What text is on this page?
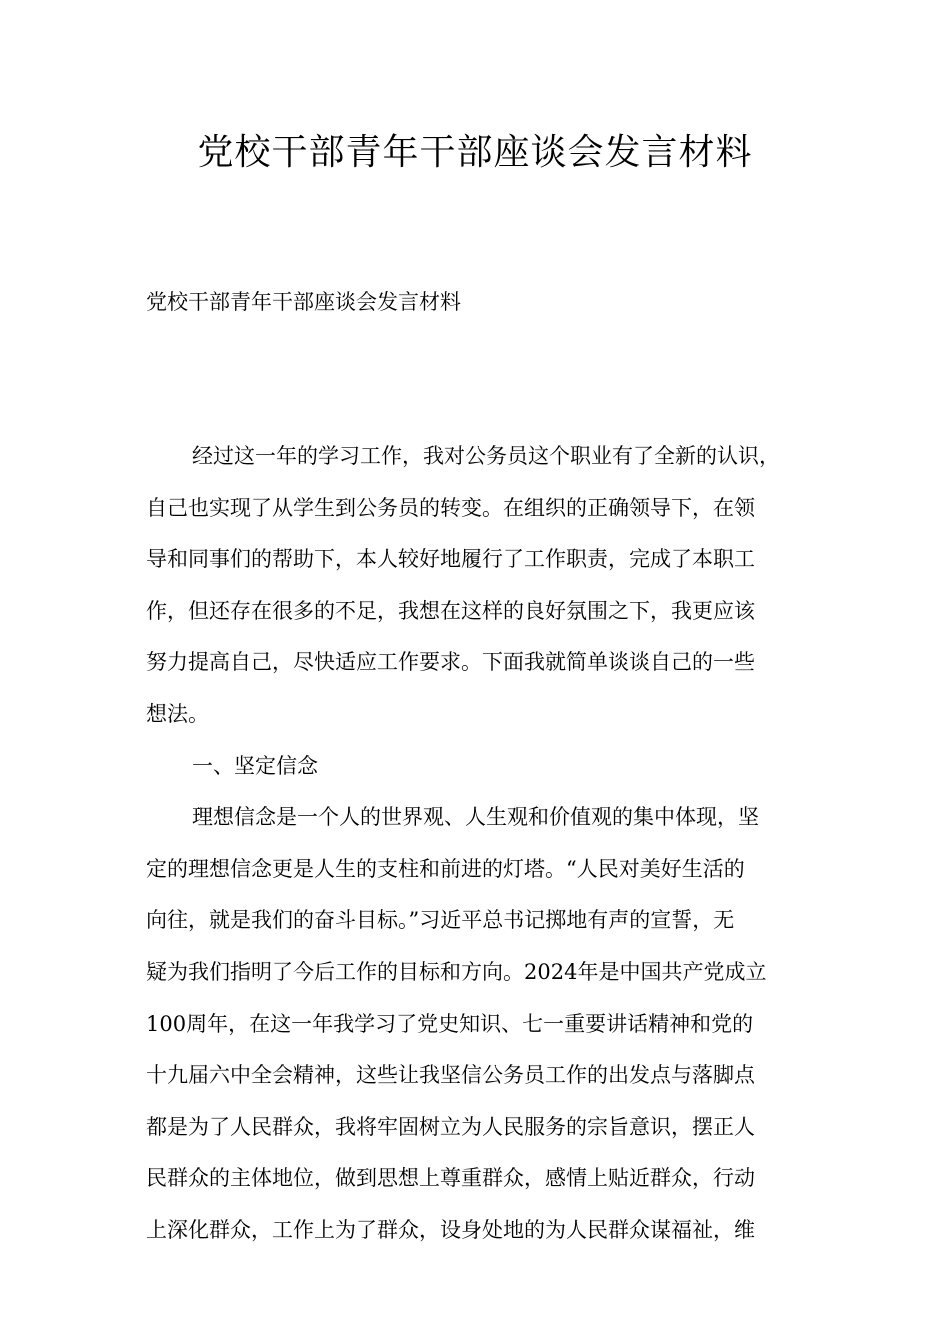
党校干部青年干部座谈会发言材料

党校干部青年干部座谈会发言材料

经过这一年的学习工作，我对公务员这个职业有了全新的认识，
自己也实现了从学生到公务员的转变。在组织的正确领导下，在领
导和同事们的帮助下，本人较好地履行了工作职责，完成了本职工
作，但还存在很多的不足，我想在这样的良好氛围之下，我更应该
努力提高自己，尽快适应工作要求。下面我就简单谈谈自己的一些
想法。
一、坚定信念
理想信念是一个人的世界观、人生观和价值观的集中体现，坚
定的理想信念更是人生的支柱和前进的灯塔。“人民对美好生活的
向往，就是我们的奋斗目标。”习近平总书记掷地有声的宣誓，无
疑为我们指明了今后工作的目标和方向。2024年是中国共产党成立
100周年，在这一年我学习了党史知识、七一重要讲话精神和党的
十九届六中全会精神，这些让我坚信公务员工作的出发点与落脚点
都是为了人民群众，我将牢固树立为人民服务的宗旨意识，摆正人
民群众的主体地位，做到思想上尊重群众，感情上贴近群众，行动
上深化群众，工作上为了群众，设身处地的为人民群众谋福祉，维
